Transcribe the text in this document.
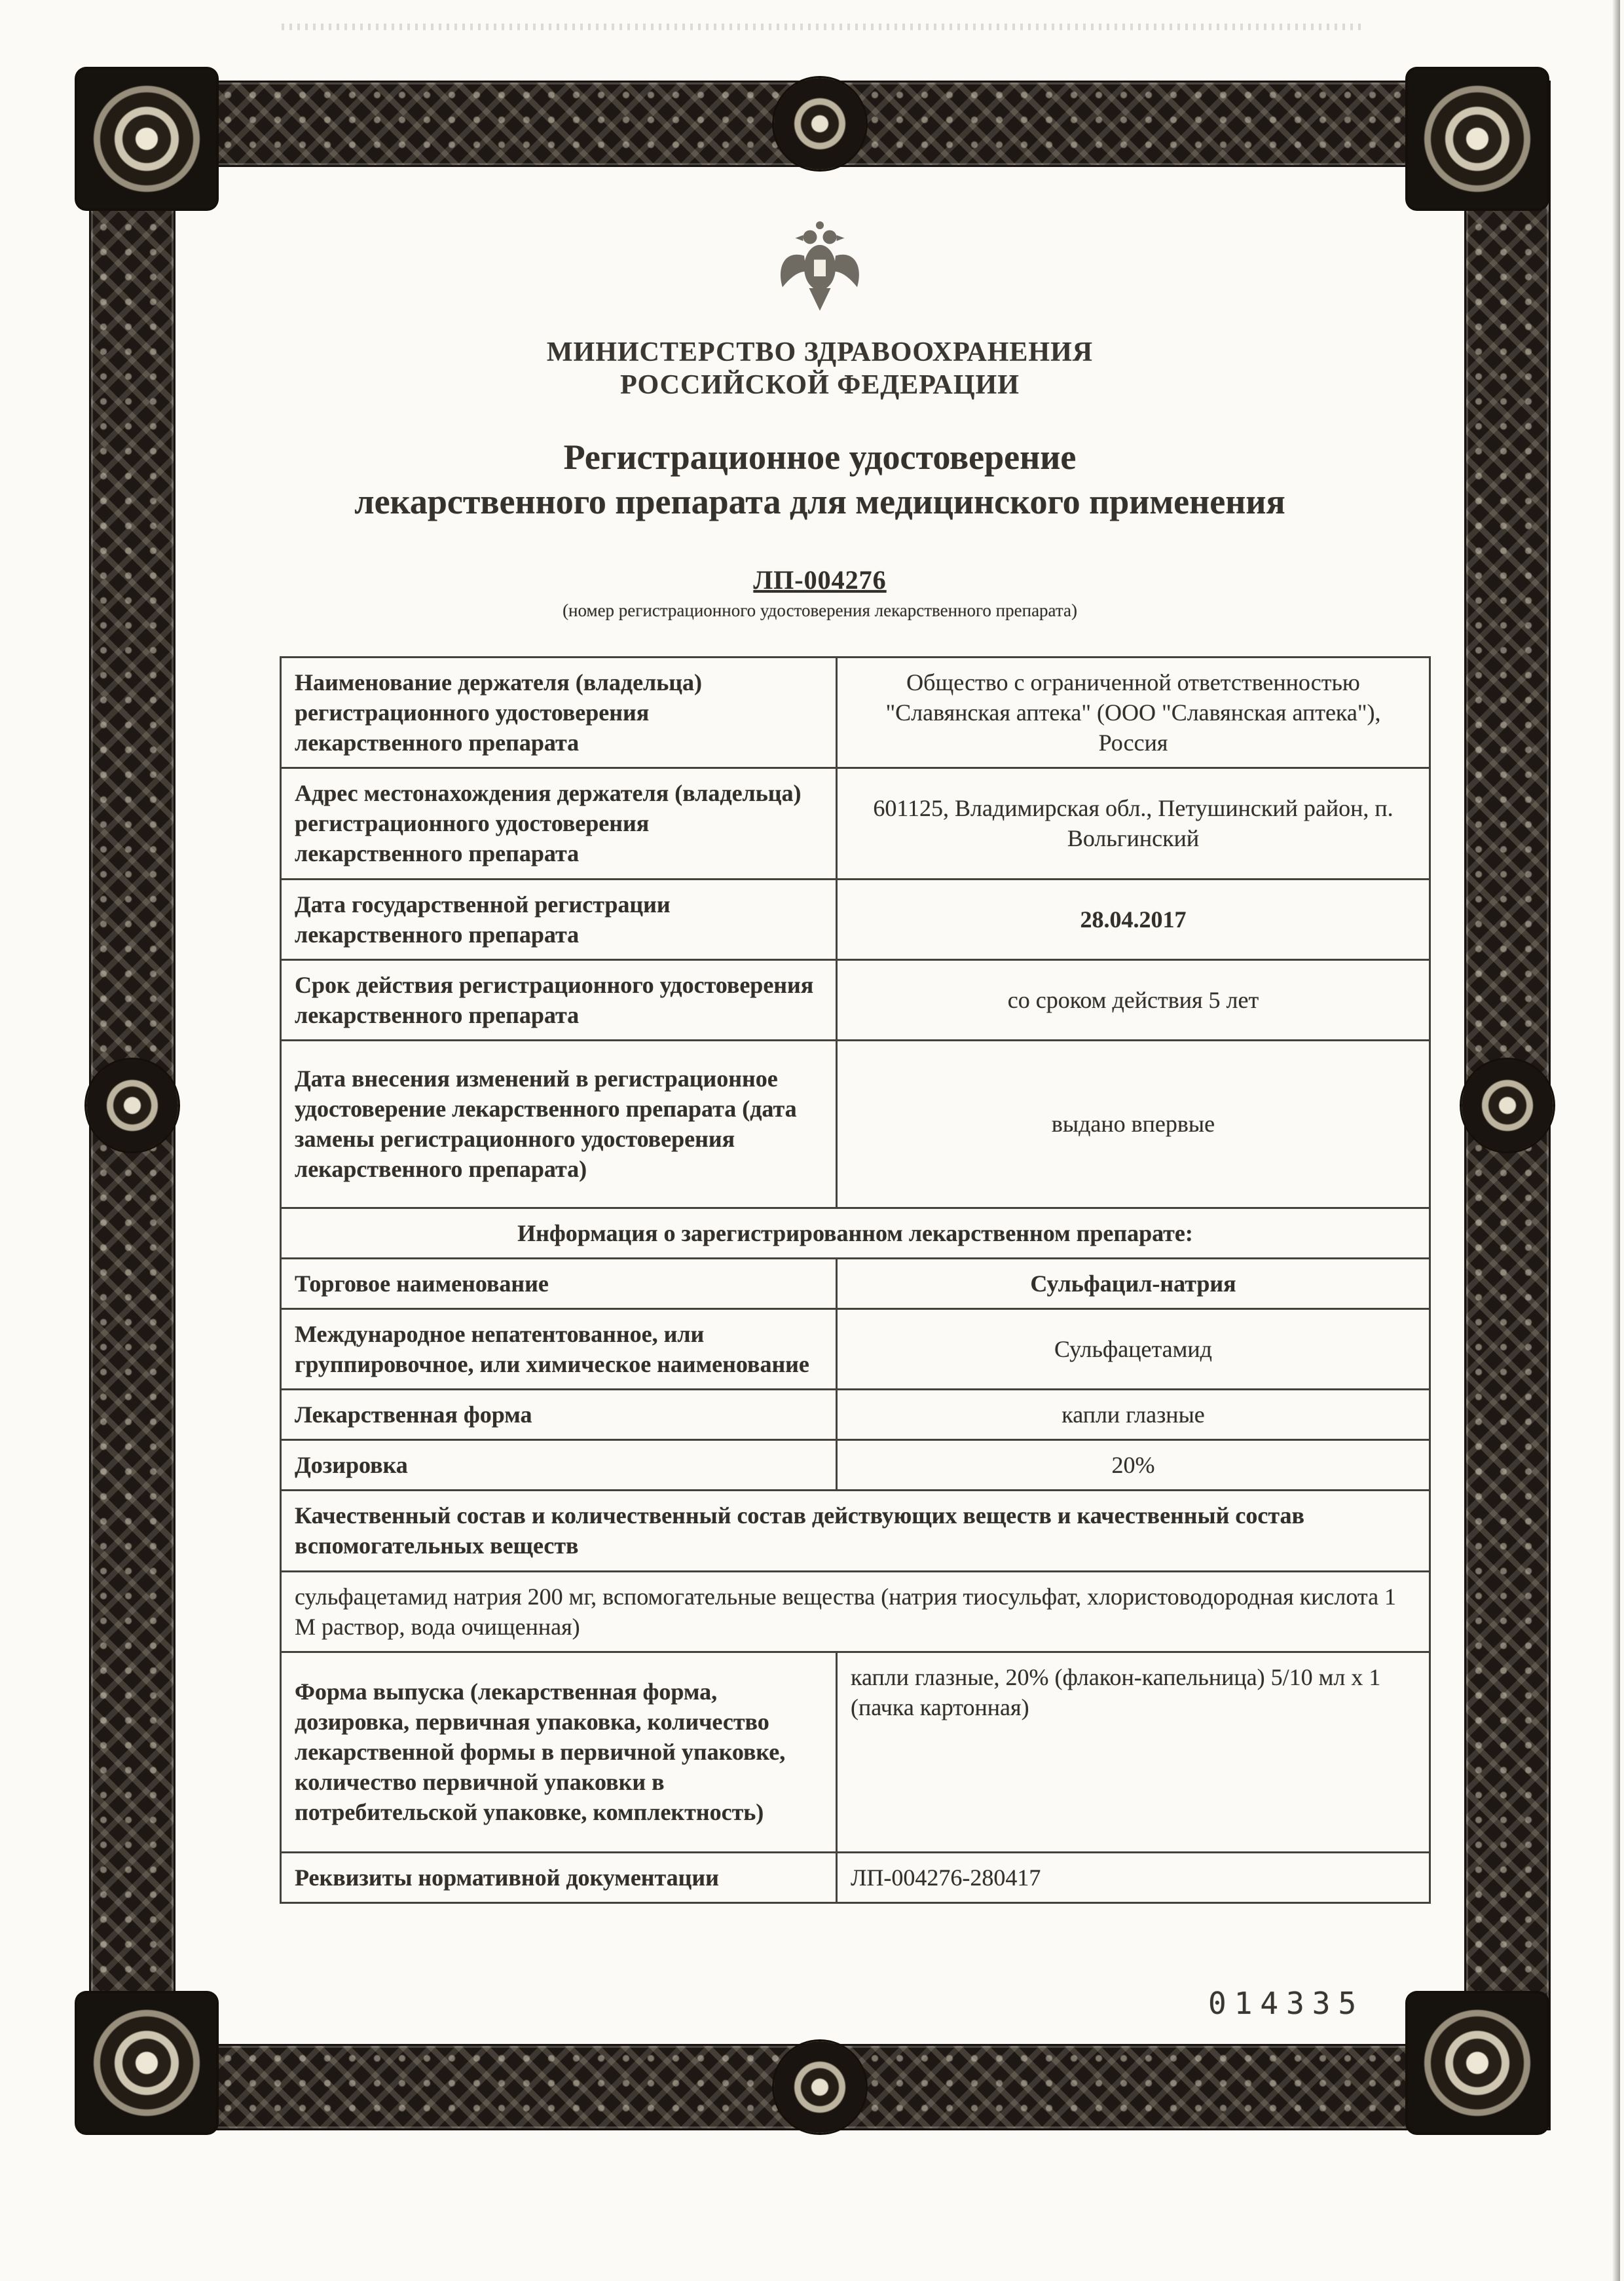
МИНИСТЕРСТВО ЗДРАВООХРАНЕНИЯ
РОССИЙСКОЙ ФЕДЕРАЦИИ
Регистрационное удостоверение
лекарственного препарата для медицинского применения
ЛП-004276
(номер регистрационного удостоверения лекарственного препарата)
Наименование держателя (владельца) регистрационного удостоверения лекарственного препарата	Общество с ограниченной ответственностью "Славянская аптека" (ООО "Славянская аптека"), Россия
Адрес местонахождения держателя (владельца) регистрационного удостоверения лекарственного препарата	601125, Владимирская обл., Петушинский район, п. Вольгинский
Дата государственной регистрации лекарственного препарата	28.04.2017
Срок действия регистрационного удостоверения лекарственного препарата	со сроком действия 5 лет
Дата внесения изменений в регистрационное удостоверение лекарственного препарата (дата замены регистрационного удостоверения лекарственного препарата)	выдано впервые
Информация о зарегистрированном лекарственном препарате:	
Торговое наименование	Сульфацил-натрия
Международное непатентованное, или группировочное, или химическое наименование	Сульфацетамид
Лекарственная форма	капли глазные
Дозировка	20%
Качественный состав и количественный состав действующих веществ и качественный состав вспомогательных веществ	
сульфацетамид натрия 200 мг, вспомогательные вещества (натрия тиосульфат, хлористоводородная кислота 1 М раствор, вода очищенная)	
Форма выпуска (лекарственная форма, дозировка, первичная упаковка, количество лекарственной формы в первичной упаковке, количество первичной упаковки в потребительской упаковке, комплектность)	капли глазные, 20% (флакон-капельница) 5/10 мл х 1 (пачка картонная)
Реквизиты нормативной документации	ЛП-004276-280417
014335
